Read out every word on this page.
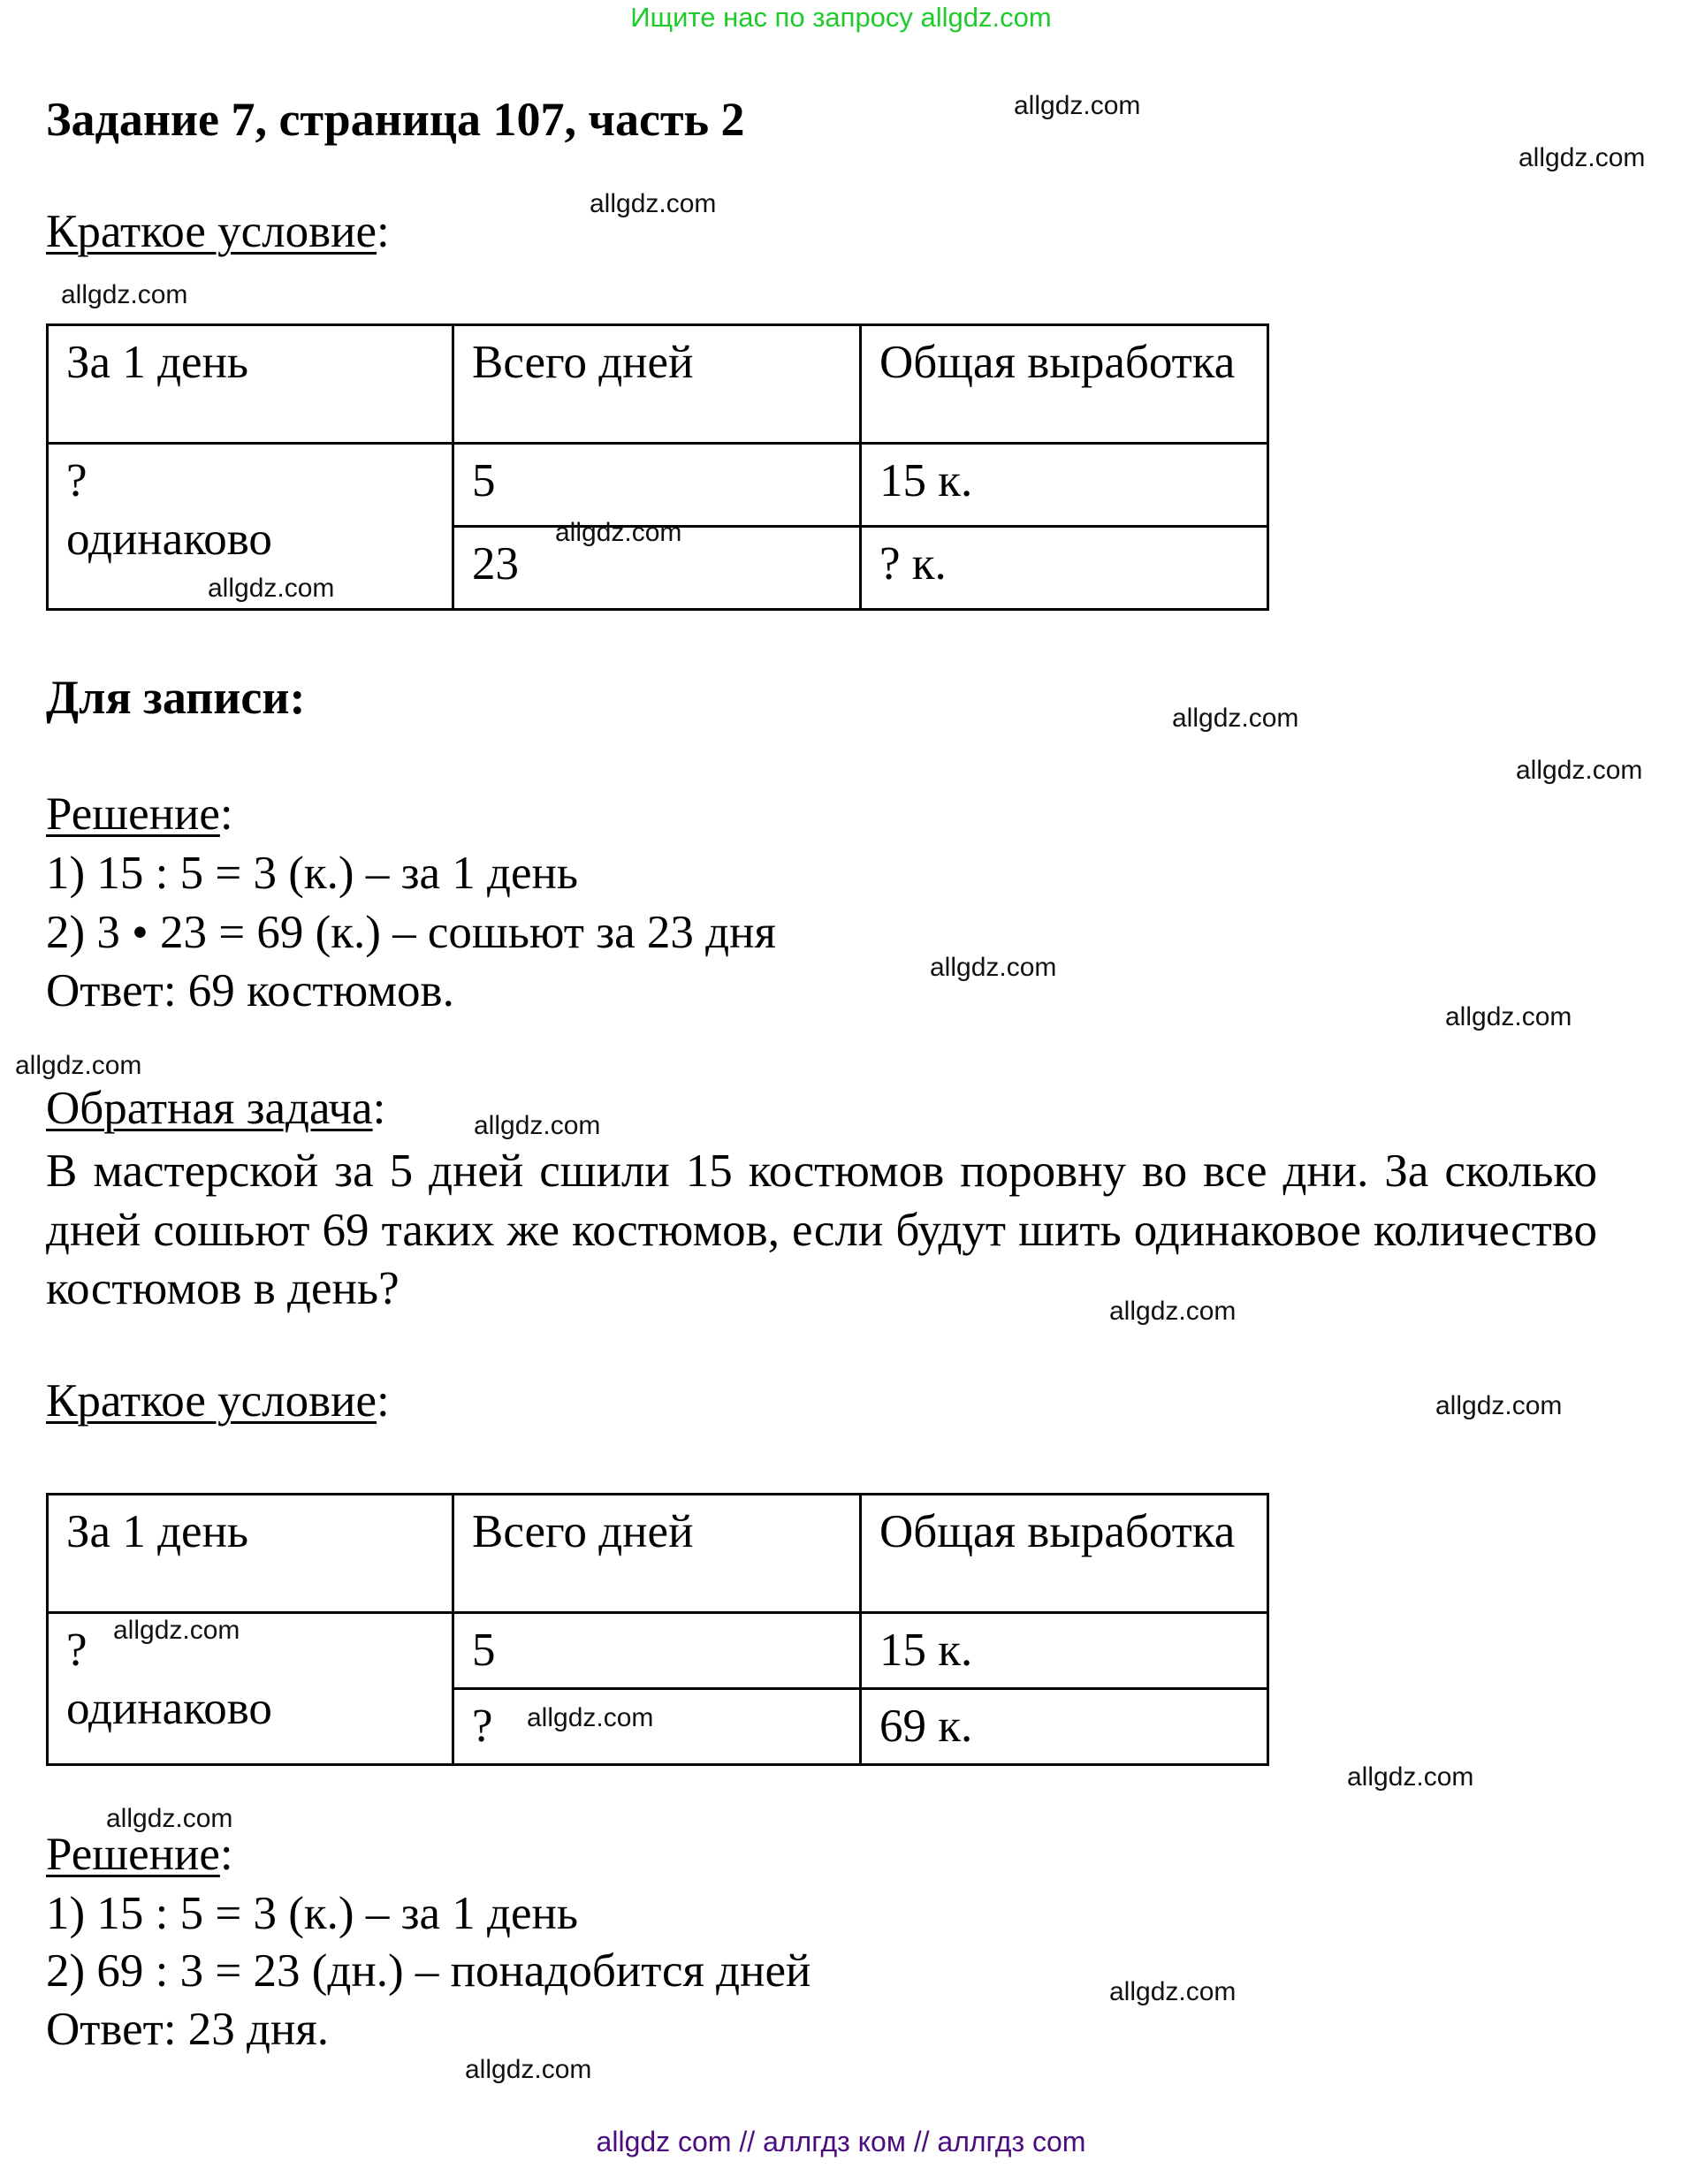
Ищите нас по запросу allgdz.com
Задание 7, страница 107, часть 2	allgdz.com
allgdz.com
allgdz.com
allgdz.com
Краткое условие:
За 1 день	Всего дней	Общая выработка

?
одинаково	5	15 к.
	23	? к.
allgdz.com
allgdz.com
Для записи:	allgdz.com
allgdz.com
Решение:
1) 15 : 5 = 3 (к.) – за 1 день
2) 3 • 23 = 69 (к.) – сошьют за 23 дня
Ответ: 69 костюмов.	allgdz.com
allgdz.com
allgdz.com
Обратная задача:	allgdz.com
В мастерской за 5 дней сшили 15 костюмов поровну во все дни. За сколько дней сошьют 69 таких же костюмов, если будут шить одинаковое количество костюмов в день?	allgdz.com
Краткое условие:	allgdz.com
За 1 день	Всего дней	Общая выработка

?
одинаково	5	15 к.
	?	69 к.
allgdz.com
allgdz.com
allgdz.com
allgdz.com
Решение:
1) 15 : 5 = 3 (к.) – за 1 день
2) 69 : 3 = 23 (дн.) – понадобится дней
Ответ: 23 дня.
allgdz.com
allgdz.com
allgdz com // аллгдз ком // аллгдз com
